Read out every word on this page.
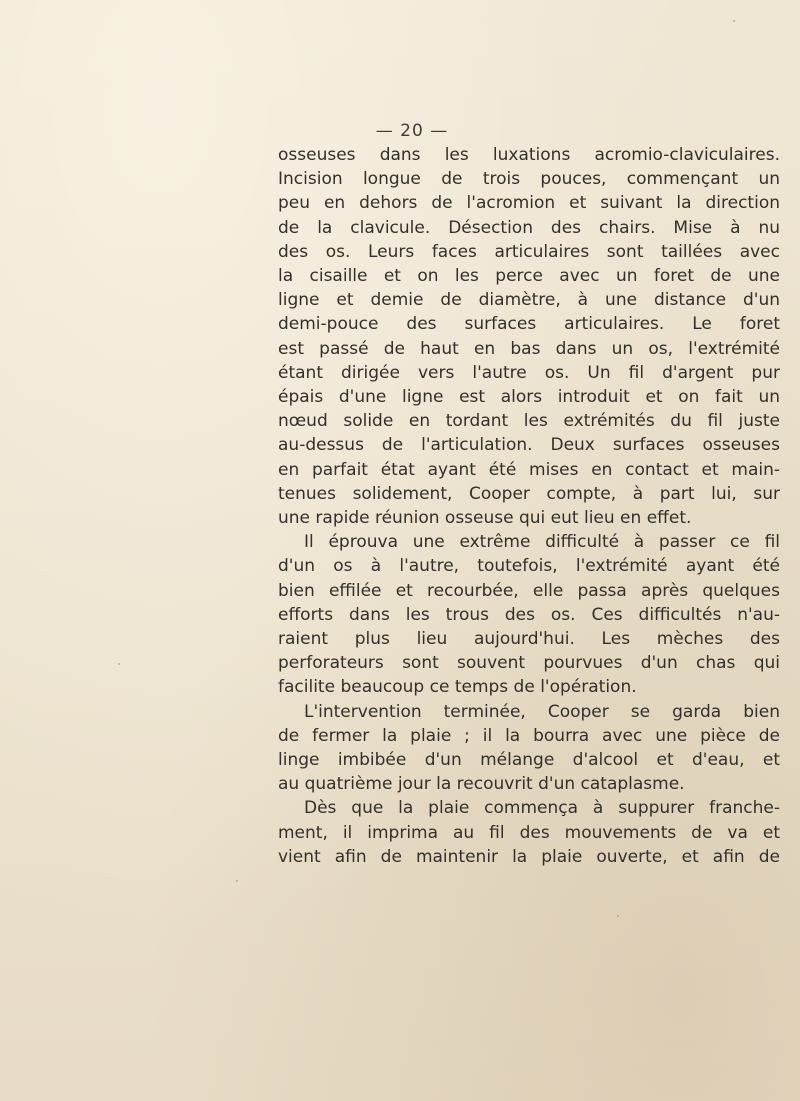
— 20 —
osseuses dans les luxations acromio-claviculaires.
Incision longue de trois pouces, commençant un
peu en dehors de l'acromion et suivant la direction
de la clavicule. Désection des chairs. Mise à nu
des os. Leurs faces articulaires sont taillées avec
la cisaille et on les perce avec un foret de une
ligne et demie de diamètre, à une distance d'un
demi-pouce des surfaces articulaires. Le foret
est passé de haut en bas dans un os, l'extrémité
étant dirigée vers l'autre os. Un fil d'argent pur
épais d'une ligne est alors introduit et on fait un
nœud solide en tordant les extrémités du fil juste
au-dessus de l'articulation. Deux surfaces osseuses
en parfait état ayant été mises en contact et main-
tenues solidement, Cooper compte, à part lui, sur
une rapide réunion osseuse qui eut lieu en effet.
Il éprouva une extrême difficulté à passer ce fil
d'un os à l'autre, toutefois, l'extrémité ayant été
bien effilée et recourbée, elle passa après quelques
efforts dans les trous des os. Ces difficultés n'au-
raient plus lieu aujourd'hui. Les mèches des
perforateurs sont souvent pourvues d'un chas qui
facilite beaucoup ce temps de l'opération.
L'intervention terminée, Cooper se garda bien
de fermer la plaie ; il la bourra avec une pièce de
linge imbibée d'un mélange d'alcool et d'eau, et
au quatrième jour la recouvrit d'un cataplasme.
Dès que la plaie commença à suppurer franche-
ment, il imprima au fil des mouvements de va et
vient afin de maintenir la plaie ouverte, et afin de
